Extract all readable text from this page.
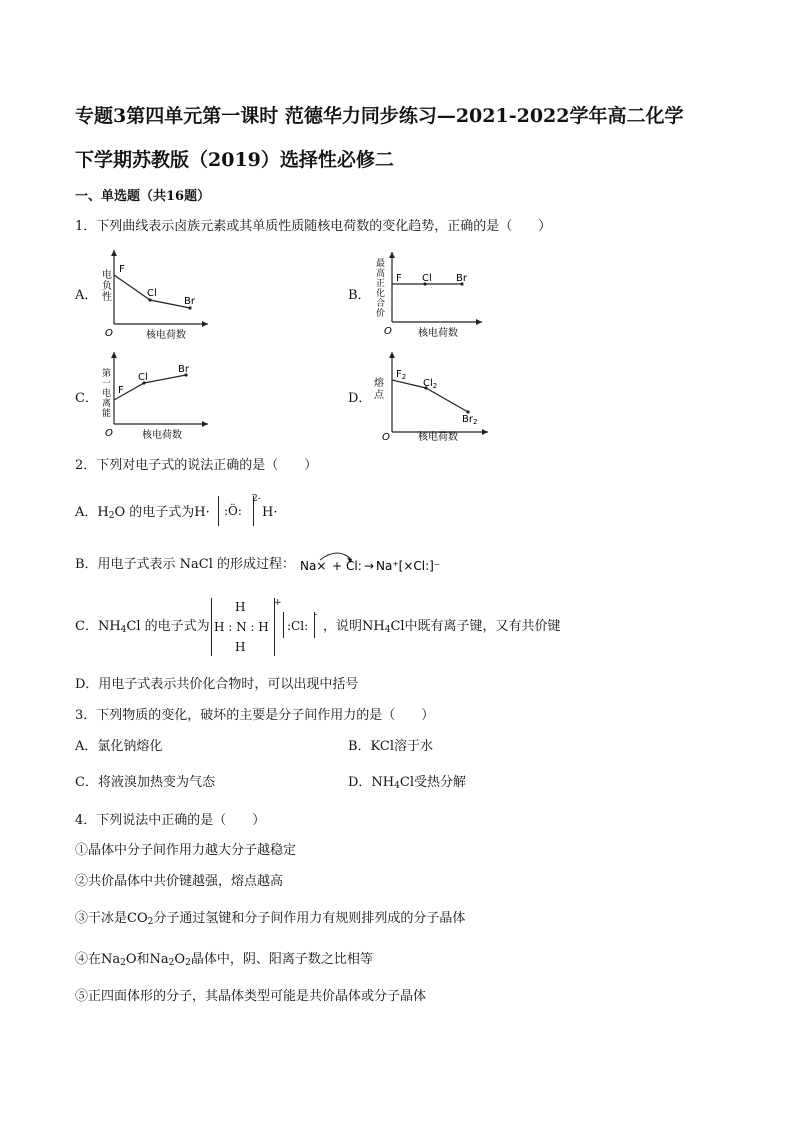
专题3第四单元第一课时 范德华力同步练习—2021-2022学年高二化学
下学期苏教版（2019）选择性必修二
一、单选题（共16题）
1．下列曲线表示卤族元素或其单质性质随核电荷数的变化趋势，正确的是（　　）
A．	B．
C．	D．
电
负
性
O	核电荷数
F
Cl
Br
最
高
正
化
合
价
O	核电荷数
F Cl Br
第
一
电
离
能
O	核电荷数
F
Cl
Br
熔
点
O	核电荷数
$F_2$
$Cl_2$
$Br_2$
2．下列对电子式的说法正确的是（　　）
A．$H_2O$ 的电子式为H· :Ö:
2-
H·
B．用电子式表示 NaCl 的形成过程： Na× + Cl: → Na⁺[×Cl:]⁻
C．$NH_4Cl$ 的电子式为
H
H : N : H
H
+
:Cl:
-
，说明$NH_4Cl$中既有离子键，又有共价键
D．用电子式表示共价化合物时，可以出现中括号
3．下列物质的变化，破坏的主要是分子间作用力的是（　　）
A．氯化钠熔化	B．KCl溶于水
C．将液溴加热变为气态	D．$NH_4Cl$受热分解
4．下列说法中正确的是（　　）
①晶体中分子间作用力越大分子越稳定
②共价晶体中共价键越强，熔点越高
③干冰是$CO_2$分子通过氢键和分子间作用力有规则排列成的分子晶体
④在$Na_2O$和$Na_2O_2$晶体中，阴、阳离子数之比相等
⑤正四面体形的分子，其晶体类型可能是共价晶体或分子晶体
